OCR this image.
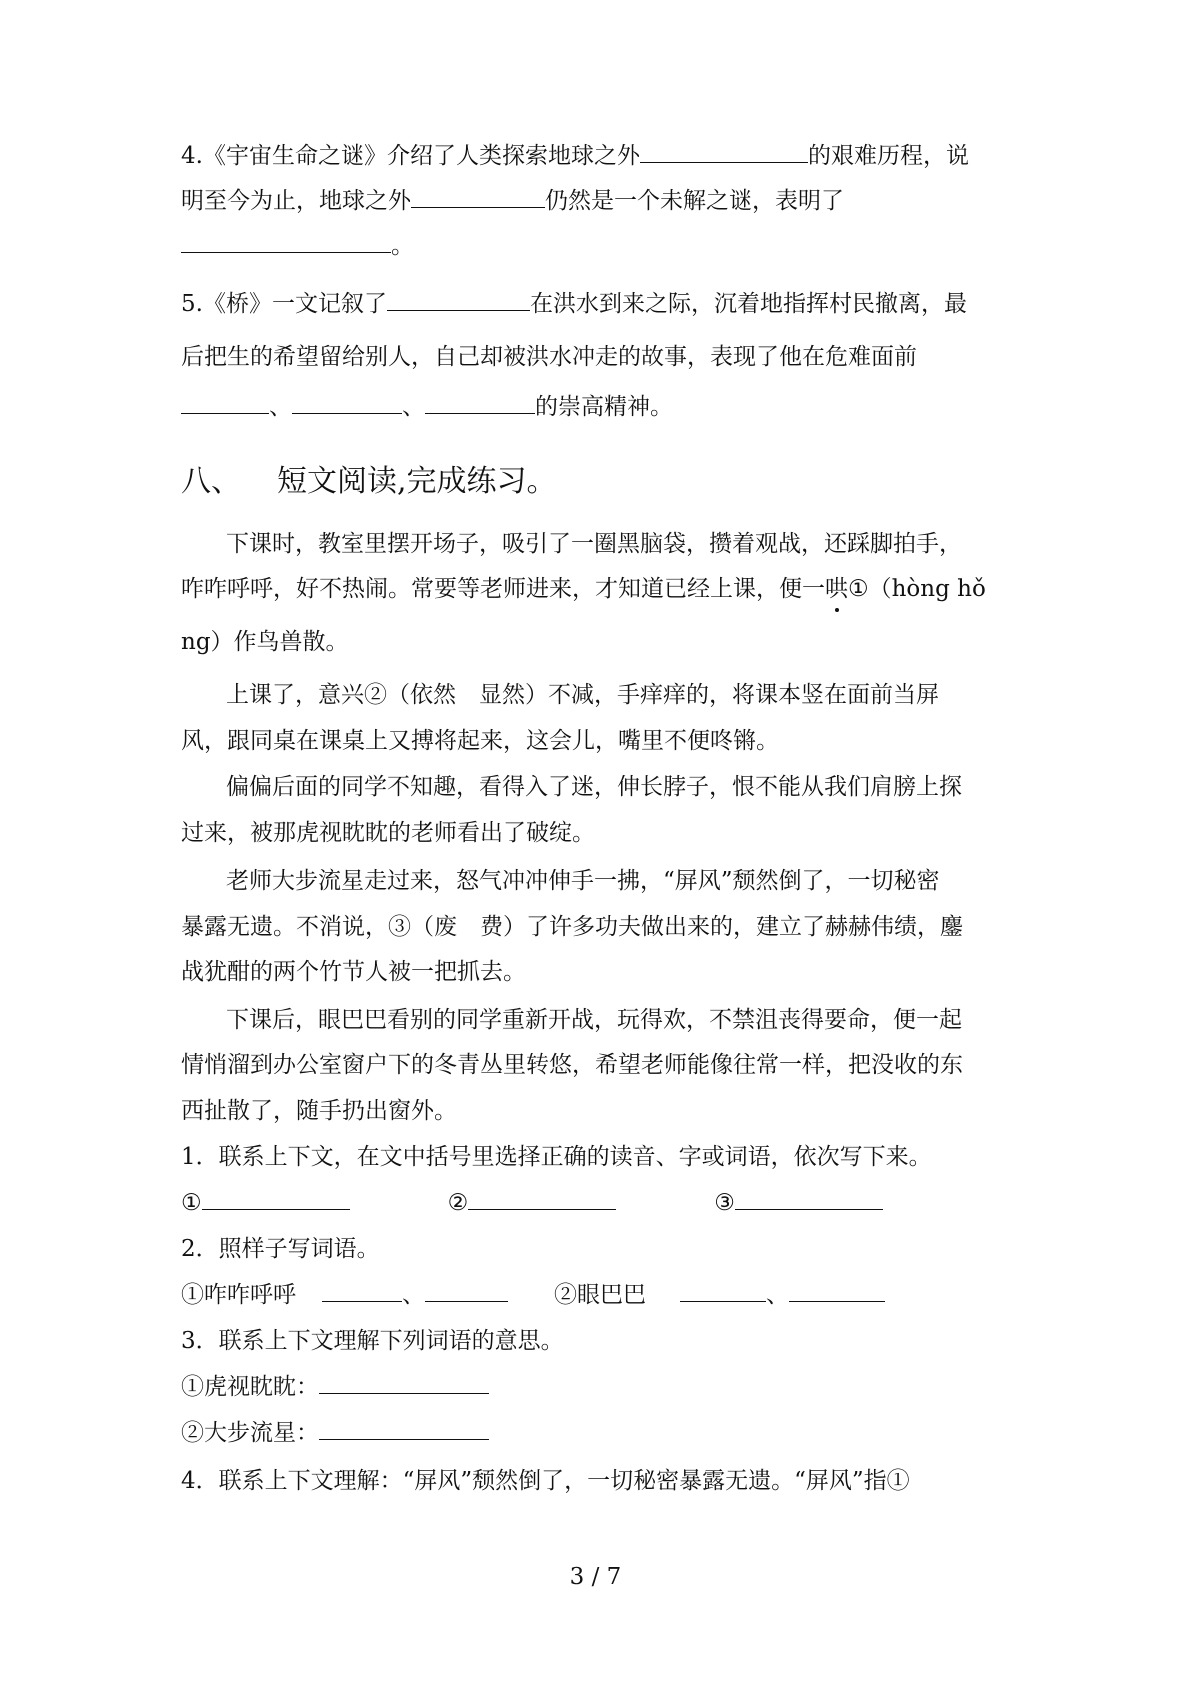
4.《宇宙生命之谜》介绍了人类探索地球之外	的艰难历程，说
明至今为止，地球之外	仍然是一个未解之谜，表明了
。
5.《桥》一文记叙了	在洪水到来之际，沉着地指挥村民撤离，最
后把生的希望留给别人，自己却被洪水冲走的故事，表现了他在危难面前
、	、	的崇高精神。
八、 短文阅读,完成练习。
下课时，教室里摆开场子，吸引了一圈黑脑袋，攒着观战，还踩脚拍手，
咋咋呼呼，好不热闹。常要等老师进来，才知道已经上课，便一哄①（hòng hǒ
ng）作鸟兽散。
上课了，意兴②（依然　显然）不减，手痒痒的，将课本竖在面前当屏
风，跟同桌在课桌上又搏将起来，这会儿，嘴里不便咚锵。
偏偏后面的同学不知趣，看得入了迷，伸长脖子，恨不能从我们肩膀上探
过来，被那虎视眈眈的老师看出了破绽。
老师大步流星走过来，怒气冲冲伸手一拂，“屏风”颓然倒了，一切秘密
暴露无遗。不消说，③（废　费）了许多功夫做出来的，建立了赫赫伟绩，鏖
战犹酣的两个竹节人被一把抓去。
下课后，眼巴巴看别的同学重新开战，玩得欢，不禁沮丧得要命，便一起
情悄溜到办公室窗户下的冬青丛里转悠，希望老师能像往常一样，把没收的东
西扯散了，随手扔出窗外。
1．联系上下文，在文中括号里选择正确的读音、字或词语，依次写下来。
①	②	③
2．照样子写词语。
①咋咋呼呼	、	②眼巴巴	、
3．联系上下文理解下列词语的意思。
①虎视眈眈：
②大步流星：
4．联系上下文理解：“屏风”颓然倒了，一切秘密暴露无遗。“屏风”指①
3 / 7
